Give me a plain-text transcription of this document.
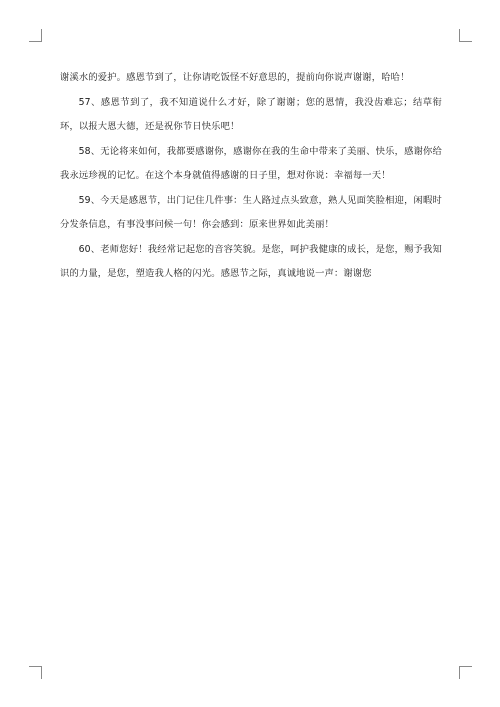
谢溪水的爱护。感恩节到了，让你请吃饭怪不好意思的，提前向你说声谢谢，哈哈！

57、感恩节到了，我不知道说什么才好，除了谢谢；您的恩情，我没齿难忘；结草衔环，以报大恩大德，还是祝你节日快乐吧！

58、无论将来如何，我都要感谢你，感谢你在我的生命中带来了美丽、快乐，感谢你给我永远珍视的记忆。在这个本身就值得感谢的日子里，想对你说：幸福每一天！

59、今天是感恩节，出门记住几件事：生人路过点头致意，熟人见面笑脸相迎，闲暇时分发条信息，有事没事问候一句！你会感到：原来世界如此美丽！

60、老师您好！我经常记起您的音容笑貌。是您，呵护我健康的成长，是您，赐予我知识的力量，是您，塑造我人格的闪光。感恩节之际，真诚地说一声：谢谢您
